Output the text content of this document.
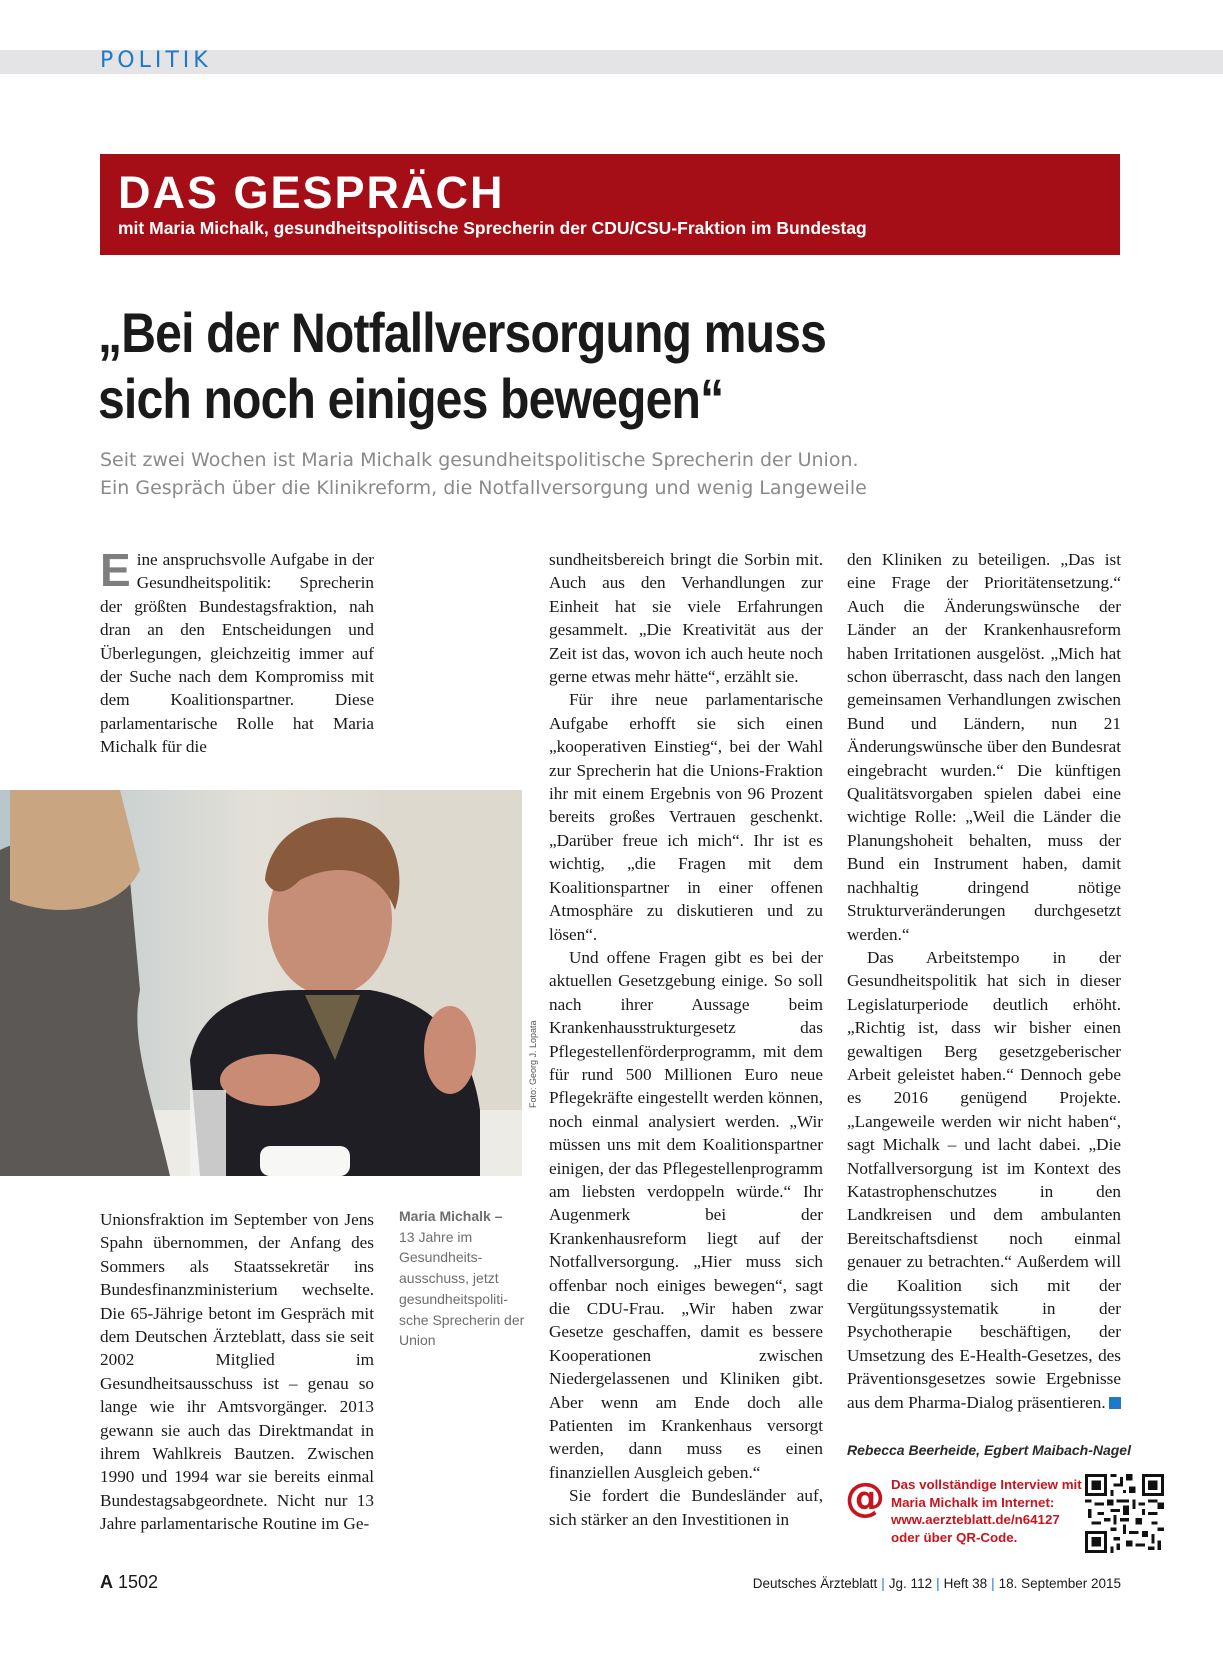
POLITIK
DAS GESPRÄCH
mit Maria Michalk, gesundheitspolitische Sprecherin der CDU/CSU-Fraktion im Bundestag
„Bei der Notfallversorgung muss
sich noch einiges bewegen“
Seit zwei Wochen ist Maria Michalk gesundheitspolitische Sprecherin der Union.
Ein Gespräch über die Klinikreform, die Notfallversorgung und wenig Langeweile

Eine anspruchsvolle Aufgabe in der Gesundheitspolitik: Sprecherin der größten Bundestagsfraktion, nah dran an den Entscheidungen und Überlegungen, gleichzeitig immer auf der Suche nach dem Kompromiss mit dem Koalitionspartner. Diese parlamentarische Rolle hat Maria Michalk für die

Foto: Georg J. Lopata

Unionsfraktion im September von Jens Spahn übernommen, der Anfang des Sommers als Staatssekretär ins Bundesfinanzministerium wechselte. Die 65-Jährige betont im Gespräch mit dem Deutschen Ärzteblatt, dass sie seit 2002 Mitglied im Gesundheitsausschuss ist – genau so lange wie ihr Amtsvorgänger. 2013 gewann sie auch das Direktmandat in ihrem Wahlkreis Bautzen. Zwischen 1990 und 1994 war sie bereits einmal Bundestagsabgeordnete. Nicht nur 13 Jahre parlamentarische Routine im Ge-

Maria Michalk –
13 Jahre im
Gesundheits-
ausschuss, jetzt
gesundheitspoliti-
sche Sprecherin der
Union

sundheitsbereich bringt die Sorbin mit. Auch aus den Verhandlungen zur Einheit hat sie viele Erfahrungen gesammelt. „Die Kreativität aus der Zeit ist das, wovon ich auch heute noch gerne etwas mehr hätte“, erzählt sie.

Für ihre neue parlamentarische Aufgabe erhofft sie sich einen „kooperativen Einstieg“, bei der Wahl zur Sprecherin hat die Unions-Fraktion ihr mit einem Ergebnis von 96 Prozent bereits großes Vertrauen geschenkt. „Darüber freue ich mich“. Ihr ist es wichtig, „die Fragen mit dem Koalitionspartner in einer offenen Atmosphäre zu diskutieren und zu lösen“.

Und offene Fragen gibt es bei der aktuellen Gesetzgebung einige. So soll nach ihrer Aussage beim Krankenhausstrukturgesetz das Pflegestellenförderprogramm, mit dem für rund 500 Millionen Euro neue Pflegekräfte eingestellt werden können, noch einmal analysiert werden. „Wir müssen uns mit dem Koalitionspartner einigen, der das Pflegestellenprogramm am liebsten verdoppeln würde.“ Ihr Augenmerk bei der Krankenhausreform liegt auf der Notfallversorgung. „Hier muss sich offenbar noch einiges bewegen“, sagt die CDU-Frau. „Wir haben zwar Gesetze geschaffen, damit es bessere Kooperationen zwischen Niedergelassenen und Kliniken gibt. Aber wenn am Ende doch alle Patienten im Krankenhaus versorgt werden, dann muss es einen finanziellen Ausgleich geben.“

Sie fordert die Bundesländer auf, sich stärker an den Investitionen in

den Kliniken zu beteiligen. „Das ist eine Frage der Prioritätensetzung.“ Auch die Änderungswünsche der Länder an der Krankenhausreform haben Irritationen ausgelöst. „Mich hat schon überrascht, dass nach den langen gemeinsamen Verhandlungen zwischen Bund und Ländern, nun 21 Änderungswünsche über den Bundesrat eingebracht wurden.“ Die künftigen Qualitätsvorgaben spielen dabei eine wichtige Rolle: „Weil die Länder die Planungshoheit behalten, muss der Bund ein Instrument haben, damit nachhaltig dringend nötige Strukturveränderungen durchgesetzt werden.“

Das Arbeitstempo in der Gesundheitspolitik hat sich in dieser Legislaturperiode deutlich erhöht. „Richtig ist, dass wir bisher einen gewaltigen Berg gesetzgeberischer Arbeit geleistet haben.“ Dennoch gebe es 2016 genügend Projekte. „Langeweile werden wir nicht haben“, sagt Michalk – und lacht dabei. „Die Notfallversorgung ist im Kontext des Katastrophenschutzes in den Landkreisen und dem ambulanten Bereitschaftsdienst noch einmal genauer zu betrachten.“ Außerdem will die Koalition sich mit der Vergütungssystematik in der Psychotherapie beschäftigen, der Umsetzung des E-Health-Gesetzes, des Präventionsgesetzes sowie Ergebnisse aus dem Pharma-Dialog präsentieren.

Rebecca Beerheide, Egbert Maibach-Nagel
@ Das vollständige Interview mit
Maria Michalk im Internet:
www.aerzteblatt.de/n64127
oder über QR-Code.
A 1502	Deutsches Ärzteblatt | Jg. 112 | Heft 38 | 18. September 2015
